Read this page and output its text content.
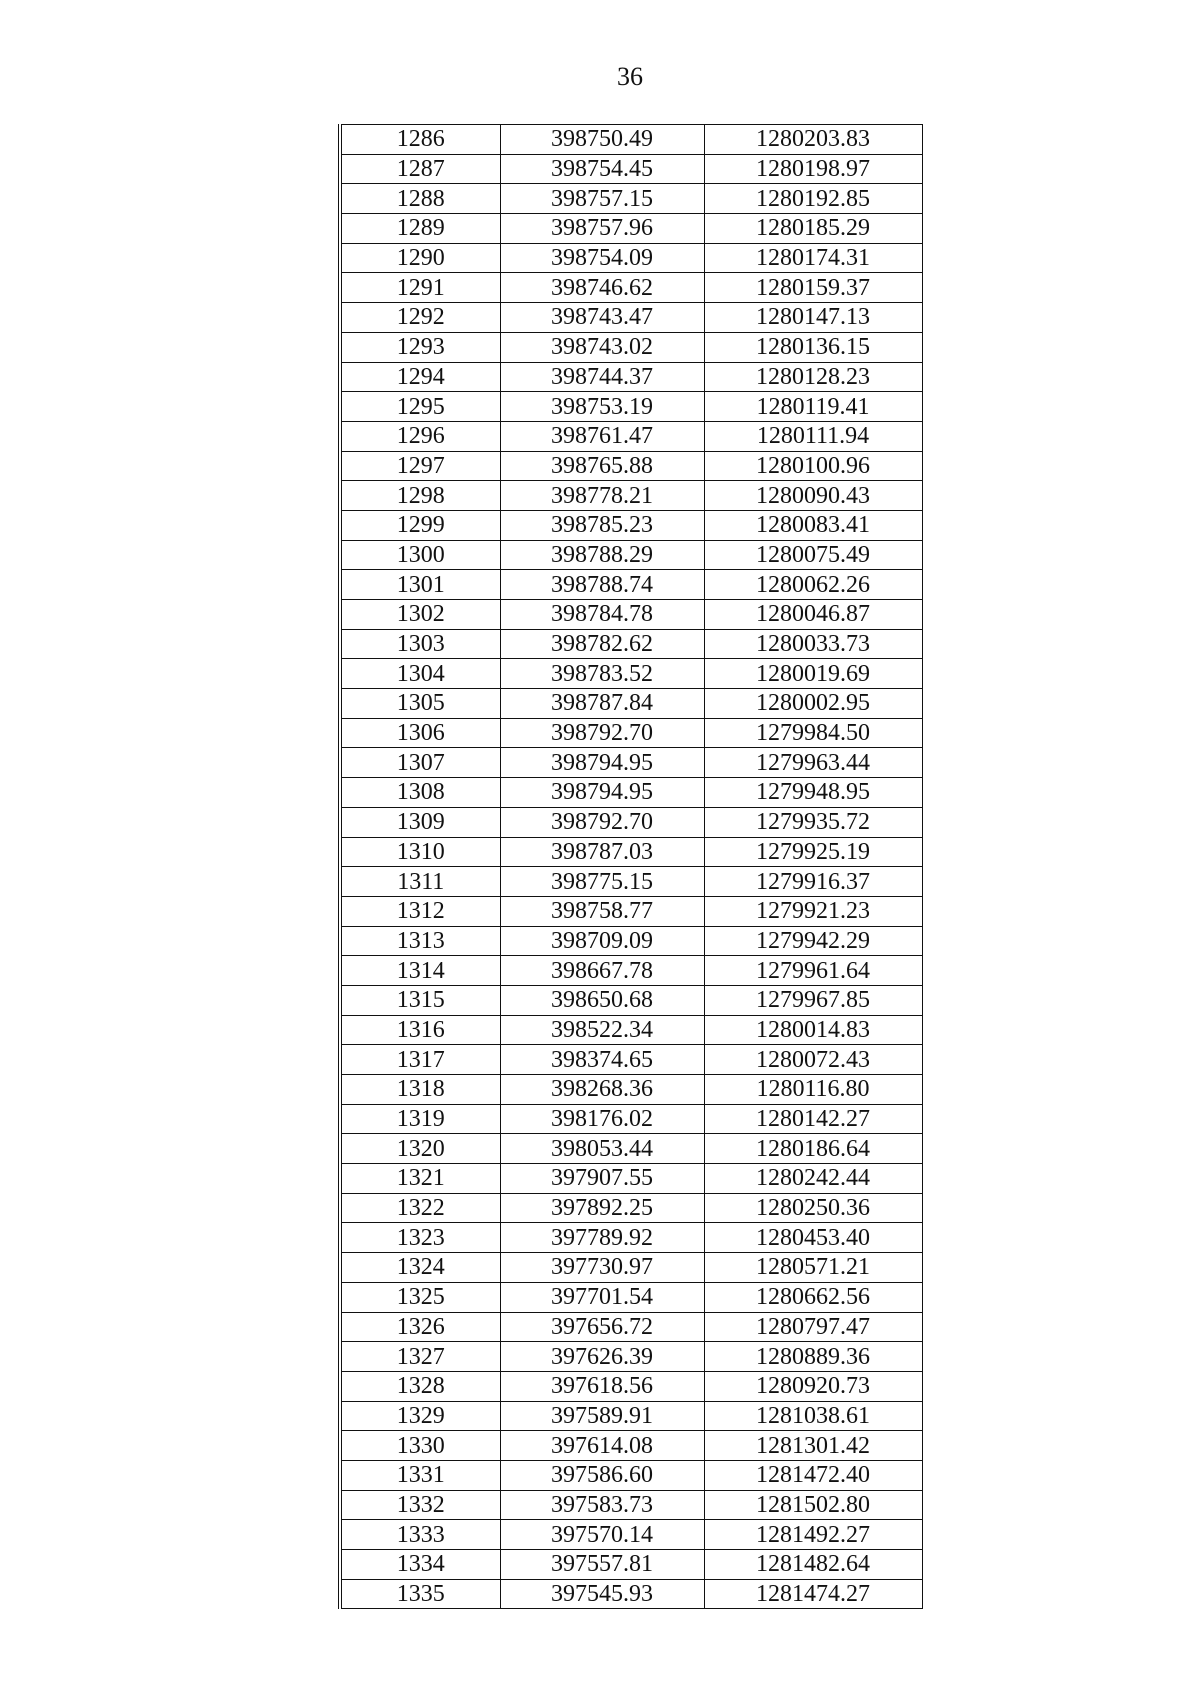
36
1286	398750.49	1280203.83
1287	398754.45	1280198.97
1288	398757.15	1280192.85
1289	398757.96	1280185.29
1290	398754.09	1280174.31
1291	398746.62	1280159.37
1292	398743.47	1280147.13
1293	398743.02	1280136.15
1294	398744.37	1280128.23
1295	398753.19	1280119.41
1296	398761.47	1280111.94
1297	398765.88	1280100.96
1298	398778.21	1280090.43
1299	398785.23	1280083.41
1300	398788.29	1280075.49
1301	398788.74	1280062.26
1302	398784.78	1280046.87
1303	398782.62	1280033.73
1304	398783.52	1280019.69
1305	398787.84	1280002.95
1306	398792.70	1279984.50
1307	398794.95	1279963.44
1308	398794.95	1279948.95
1309	398792.70	1279935.72
1310	398787.03	1279925.19
1311	398775.15	1279916.37
1312	398758.77	1279921.23
1313	398709.09	1279942.29
1314	398667.78	1279961.64
1315	398650.68	1279967.85
1316	398522.34	1280014.83
1317	398374.65	1280072.43
1318	398268.36	1280116.80
1319	398176.02	1280142.27
1320	398053.44	1280186.64
1321	397907.55	1280242.44
1322	397892.25	1280250.36
1323	397789.92	1280453.40
1324	397730.97	1280571.21
1325	397701.54	1280662.56
1326	397656.72	1280797.47
1327	397626.39	1280889.36
1328	397618.56	1280920.73
1329	397589.91	1281038.61
1330	397614.08	1281301.42
1331	397586.60	1281472.40
1332	397583.73	1281502.80
1333	397570.14	1281492.27
1334	397557.81	1281482.64
1335	397545.93	1281474.27
